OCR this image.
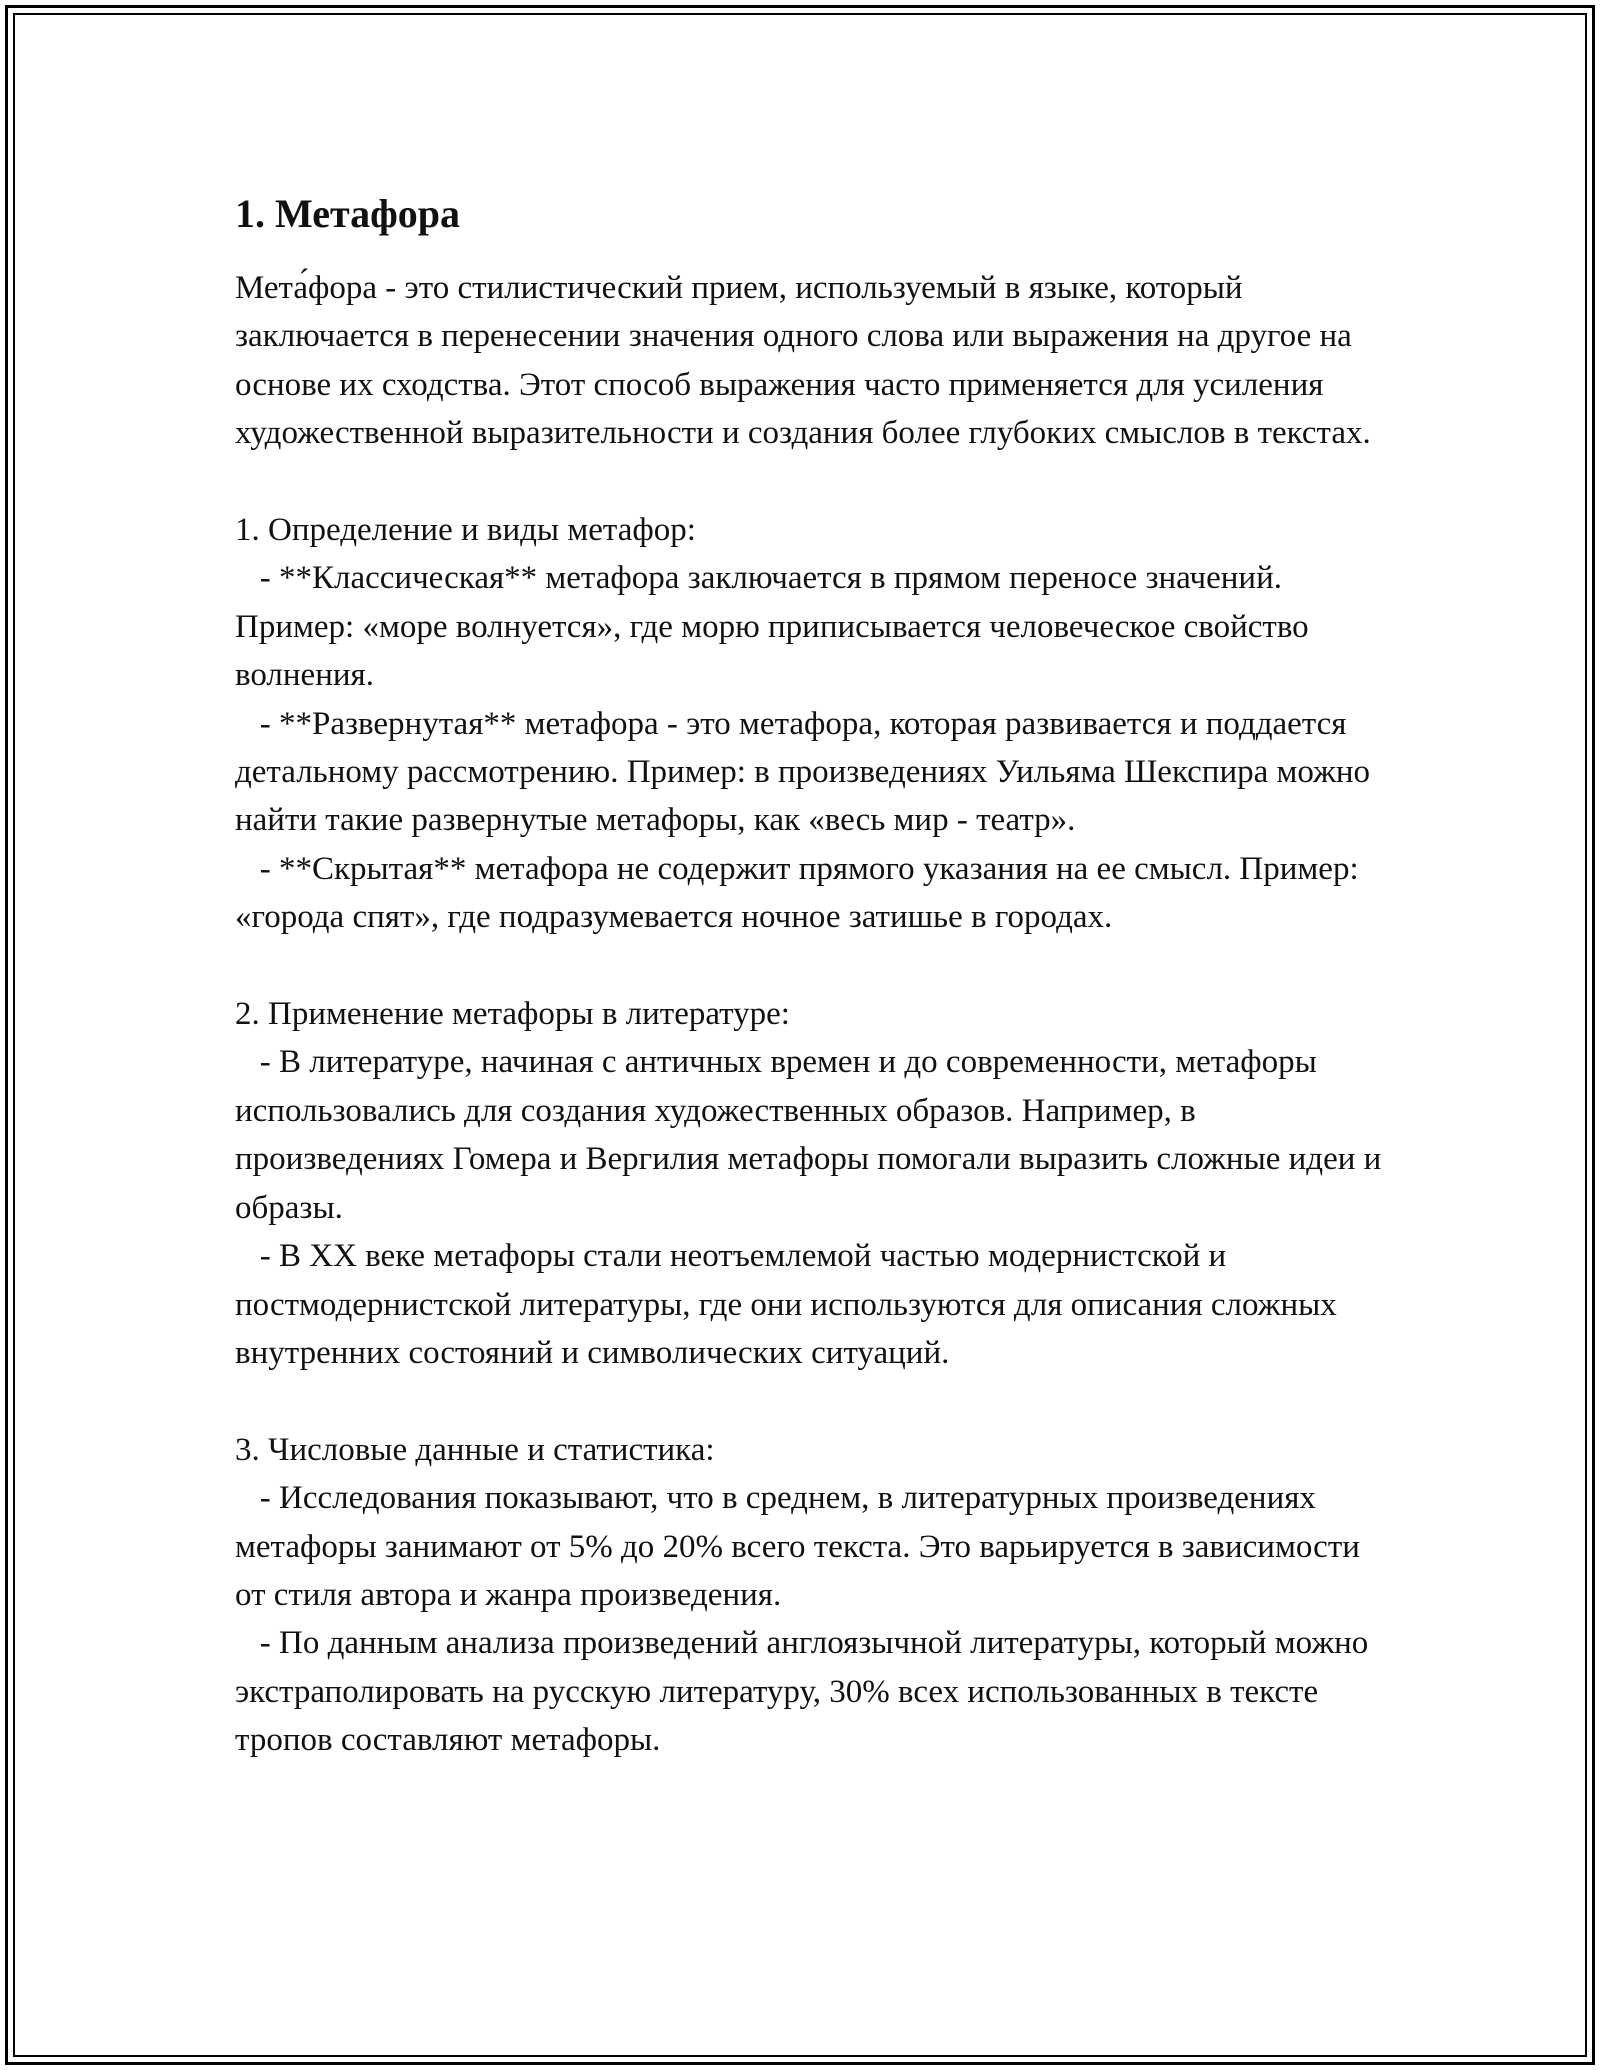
1. Метафора

Мета́фора - это стилистический прием, используемый в языке, который заключается в перенесении значения одного слова или выражения на другое на основе их сходства. Этот способ выражения часто применяется для усиления художественной выразительности и создания более глубоких смыслов в текстах.

1. Определение и виды метафор:

- **Классическая** метафора заключается в прямом переносе значений. Пример: «море волнуется», где морю приписывается человеческое свойство волнения.

- **Развернутая** метафора - это метафора, которая развивается и поддается детальному рассмотрению. Пример: в произведениях Уильяма Шекспира можно найти такие развернутые метафоры, как «весь мир - театр».

- **Скрытая** метафора не содержит прямого указания на ее смысл. Пример: «города спят», где подразумевается ночное затишье в городах.

2. Применение метафоры в литературе:

- В литературе, начиная с античных времен и до современности, метафоры использовались для создания художественных образов. Например, в произведениях Гомера и Вергилия метафоры помогали выразить сложные идеи и образы.

- В XX веке метафоры стали неотъемлемой частью модернистской и постмодернистской литературы, где они используются для описания сложных внутренних состояний и символических ситуаций.

3. Числовые данные и статистика:

- Исследования показывают, что в среднем, в литературных произведениях метафоры занимают от 5% до 20% всего текста. Это варьируется в зависимости от стиля автора и жанра произведения.

- По данным анализа произведений англоязычной литературы, который можно экстраполировать на русскую литературу, 30% всех использованных в тексте тропов составляют метафоры.
